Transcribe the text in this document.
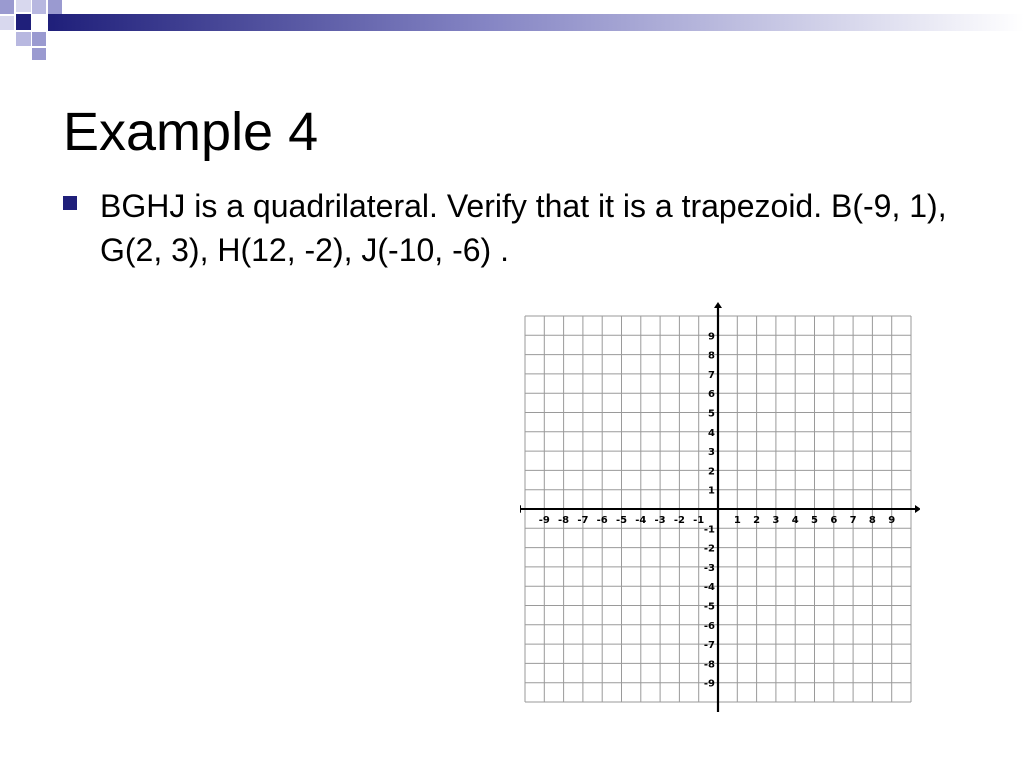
Example 4
BGHJ is a quadrilateral. Verify that it is a trapezoid. B(-9, 1), G(2, 3), H(12, -2), J(-10, -6) .
-9 -8 -7 -6 -5 -4 -3 -2 -1	1 2 3 4 5 6 7 8 9
9
8
7
6
5
4
3
2
1
-1
-2
-3
-4
-5
-6
-7
-8
-9
